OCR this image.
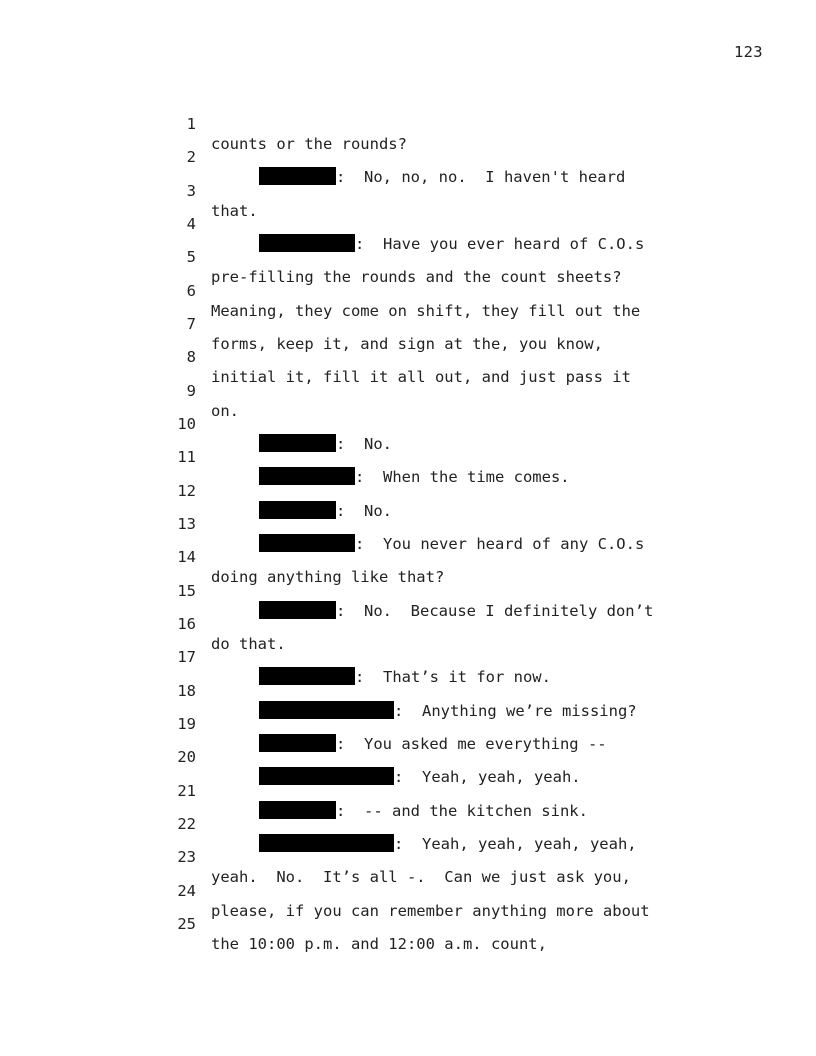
123

1

counts or the rounds?

2

:  No, no, no.  I haven't heard

3

that.

4

:  Have you ever heard of C.O.s

5

pre-filling the rounds and the count sheets?

6

Meaning, they come on shift, they fill out the

7

forms, keep it, and sign at the, you know,

8

initial it, fill it all out, and just pass it

9

on.

10

:  No.

11

:  When the time comes.

12

:  No.

13

:  You never heard of any C.O.s

14

doing anything like that?

15

:  No.  Because I definitely don’t

16

do that.

17

:  That’s it for now.

18

:  Anything we’re missing?

19

:  You asked me everything --

20

:  Yeah, yeah, yeah.

21

:  -- and the kitchen sink.

22

:  Yeah, yeah, yeah, yeah,

23

yeah.  No.  It’s all -.  Can we just ask you,

24

please, if you can remember anything more about

25

the 10:00 p.m. and 12:00 a.m. count,
